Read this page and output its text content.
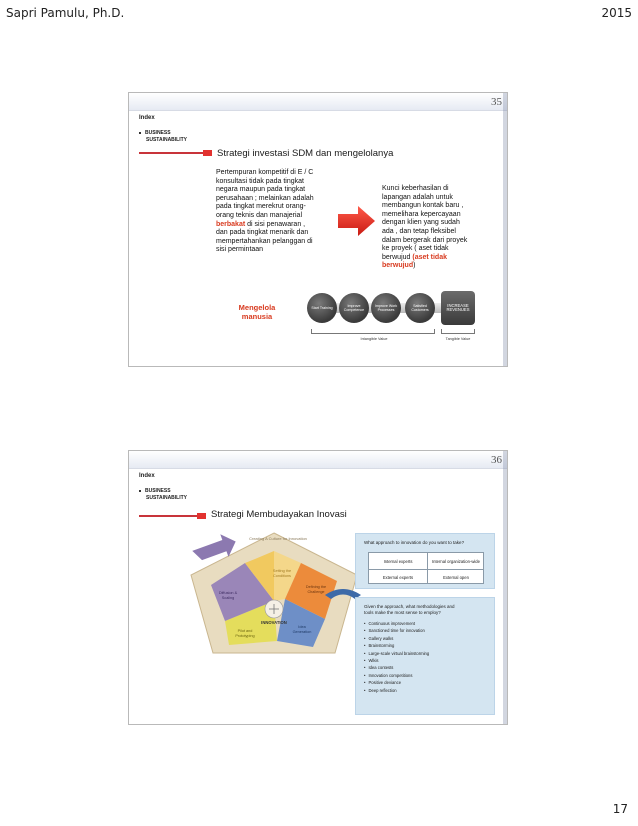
Sapri Pamulu, Ph.D.	2015
35
Index
BUSINESS
SUSTAINABILITY
Strategi investasi SDM dan mengelolanya
Pertempuran kompetitif di E / C
konsultasi tidak pada tingkat
negara maupun pada tingkat
perusahaan ; melainkan adalah
pada tingkat merekrut orang-
orang teknis dan manajerial
berbakat di sisi penawaran ,
dan pada tingkat menarik dan
mempertahankan pelanggan di
sisi permintaan
Kunci keberhasilan di
lapangan adalah untuk
membangun kontak baru ,
memelihara kepercayaan
dengan klien yang sudah
ada , dan tetap fleksibel
dalam bergerak dari proyek
ke proyek ( aset tidak
berwujud (aset tidak
berwujud)
Mengelola
manusia
Start Training
Improve Competence
Improve Work Processes
Satisfied Customers
INCREASE REVENUES
Intangible Value	Tangible Value
36
Index
BUSINESS
SUSTAINABILITY
Strategi Membudayakan Inovasi
Creating A Culture for Innovation
INNOVATION
Setting the Conditions
Defining the Challenge
Idea Generation
Pilot and Prototyping
Diffusion & Scaling
What approach to innovation do you want to take?
Internal experts	Internal organization-wide
External experts	External open
Given the approach, what methodologies and
tools make the most sense to employ?
• Continuous improvement
• Sanctioned time for innovation
• Gallery walks
• Brainstorming
• Large-scale virtual brainstorming
• Wikis
• Idea contests
• Innovation competitions
• Positive deviance
• Deep reflection
17
